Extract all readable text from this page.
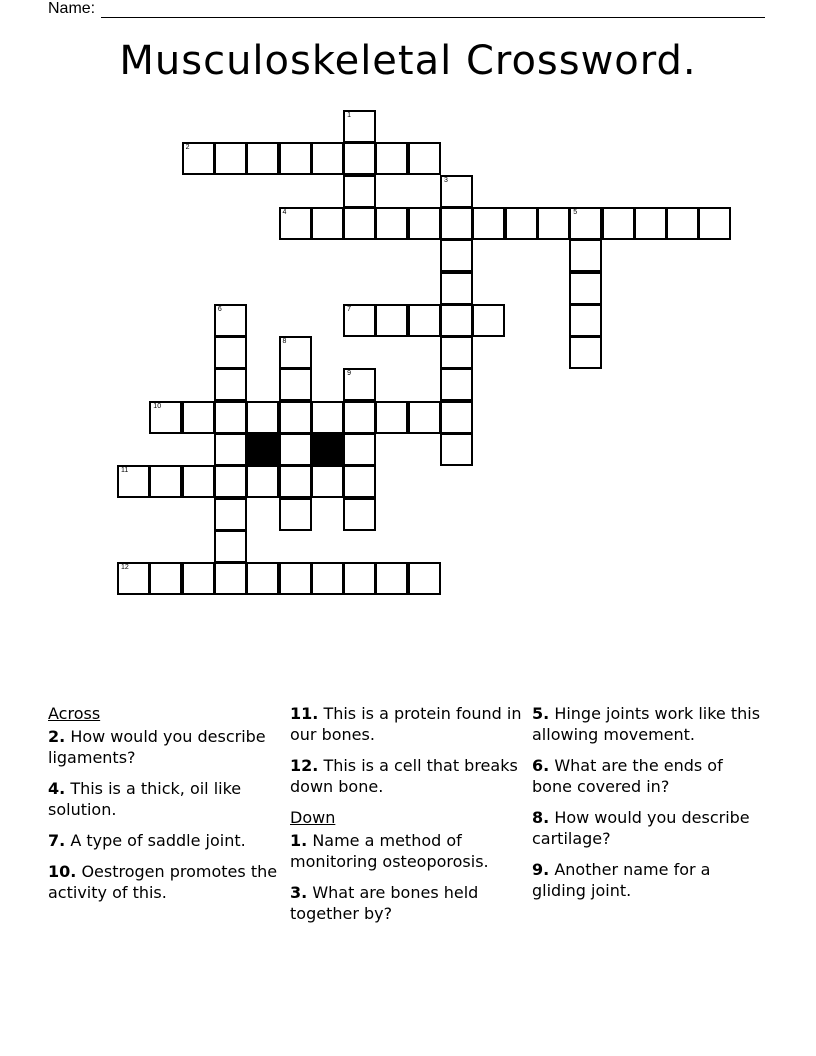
Name:
Musculoskeletal Crossword.
2
4	5
7
10
11
12
1
3
6
8
9
Across
2. How would you describe ligaments?
4. This is a thick, oil like solution.
7. A type of saddle joint.
10. Oestrogen promotes the activity of this.
11. This is a protein found in our bones.
12. This is a cell that breaks down bone.
Down
1. Name a method of monitoring osteoporosis.
3. What are bones held together by?
5. Hinge joints work like this allowing movement.
6. What are the ends of bone covered in?
8. How would you describe cartilage?
9. Another name for a gliding joint.
